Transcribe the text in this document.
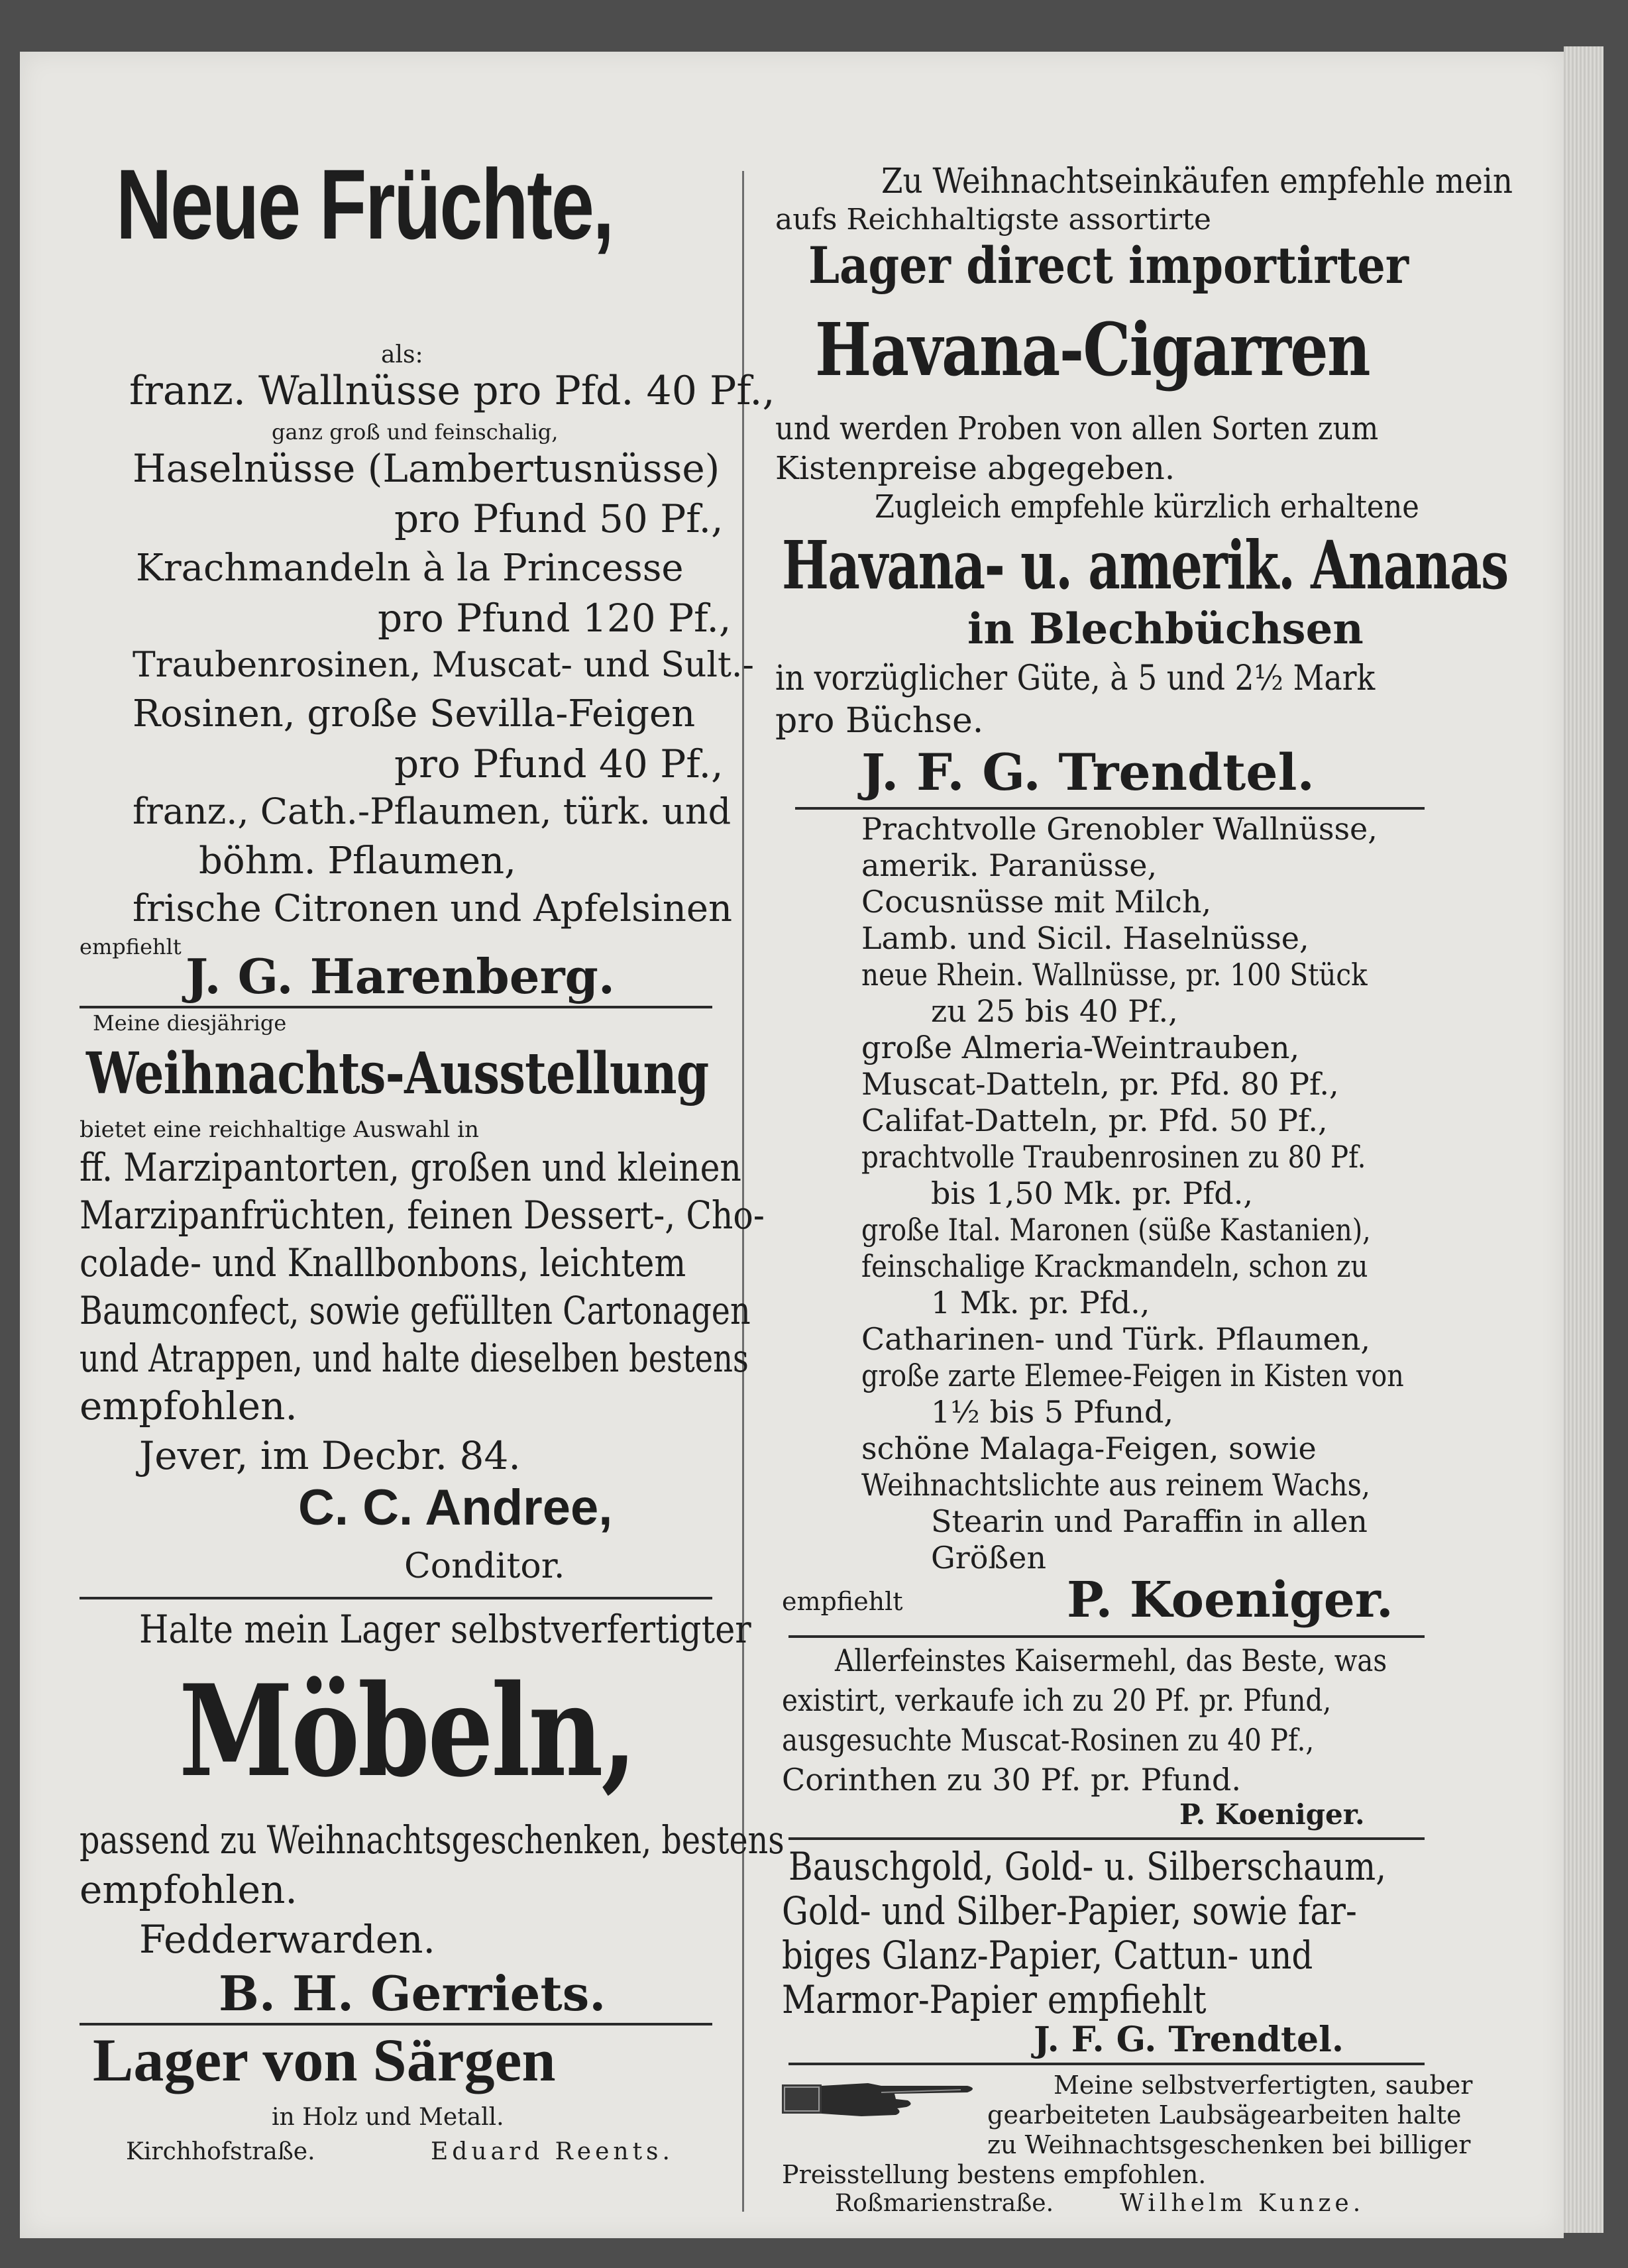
Neue Früchte,
als:
franz. Wallnüsse pro Pfd. 40 Pf.,
ganz groß und feinschalig,
Haselnüsse (Lambertusnüsse)
pro Pfund 50 Pf.,
Krachmandeln à la Princesse
pro Pfund 120 Pf.,
Traubenrosinen, Muscat- und Sult.-
Rosinen, große Sevilla-Feigen
pro Pfund 40 Pf.,
franz., Cath.-Pflaumen, türk. und
böhm. Pflaumen,
frische Citronen und Apfelsinen
empfiehlt
J. G. Harenberg.
Meine diesjährige
Weihnachts-Ausstellung
bietet eine reichhaltige Auswahl in
ff. Marzipantorten, großen und kleinen
Marzipanfrüchten, feinen Dessert-, Cho-
colade- und Knallbonbons, leichtem
Baumconfect, sowie gefüllten Cartonagen
und Atrappen, und halte dieselben bestens
empfohlen.
Jever, im Decbr. 84.
C. C. Andree,
Conditor.
Halte mein Lager selbstverfertigter
Möbeln,
passend zu Weihnachtsgeschenken, bestens
empfohlen.
Fedderwarden.
B. H. Gerriets.
Lager von Särgen
in Holz und Metall.
Kirchhofstraße.	Eduard Reents.
Zu Weihnachtseinkäufen empfehle mein
aufs Reichhaltigste assortirte
Lager direct importirter
Havana-Cigarren
und werden Proben von allen Sorten zum
Kistenpreise abgegeben.
Zugleich empfehle kürzlich erhaltene
Havana- u. amerik. Ananas
in Blechbüchsen
in vorzüglicher Güte, à 5 und 2½ Mark
pro Büchse.
J. F. G. Trendtel.
Prachtvolle Grenobler Wallnüsse,
amerik. Paranüsse,
Cocusnüsse mit Milch,
Lamb. und Sicil. Haselnüsse,
neue Rhein. Wallnüsse, pr. 100 Stück
zu 25 bis 40 Pf.,
große Almeria-Weintrauben,
Muscat-Datteln, pr. Pfd. 80 Pf.,
Califat-Datteln, pr. Pfd. 50 Pf.,
prachtvolle Traubenrosinen zu 80 Pf.
bis 1,50 Mk. pr. Pfd.,
große Ital. Maronen (süße Kastanien),
feinschalige Krackmandeln, schon zu
1 Mk. pr. Pfd.,
Catharinen- und Türk. Pflaumen,
große zarte Elemee-Feigen in Kisten von
1½ bis 5 Pfund,
schöne Malaga-Feigen, sowie
Weihnachtslichte aus reinem Wachs,
Stearin und Paraffin in allen
Größen
empfiehlt	P. Koeniger.
Allerfeinstes Kaisermehl, das Beste, was
existirt, verkaufe ich zu 20 Pf. pr. Pfund,
ausgesuchte Muscat-Rosinen zu 40 Pf.,
Corinthen zu 30 Pf. pr. Pfund.
P. Koeniger.
Bauschgold, Gold- u. Silberschaum,
Gold- und Silber-Papier, sowie far-
biges Glanz-Papier, Cattun- und
Marmor-Papier empfiehlt
J. F. G. Trendtel.
Meine selbstverfertigten, sauber
gearbeiteten Laubsägearbeiten halte
zu Weihnachtsgeschenken bei billiger
Preisstellung bestens empfohlen.
Roßmarienstraße.	Wilhelm Kunze.
